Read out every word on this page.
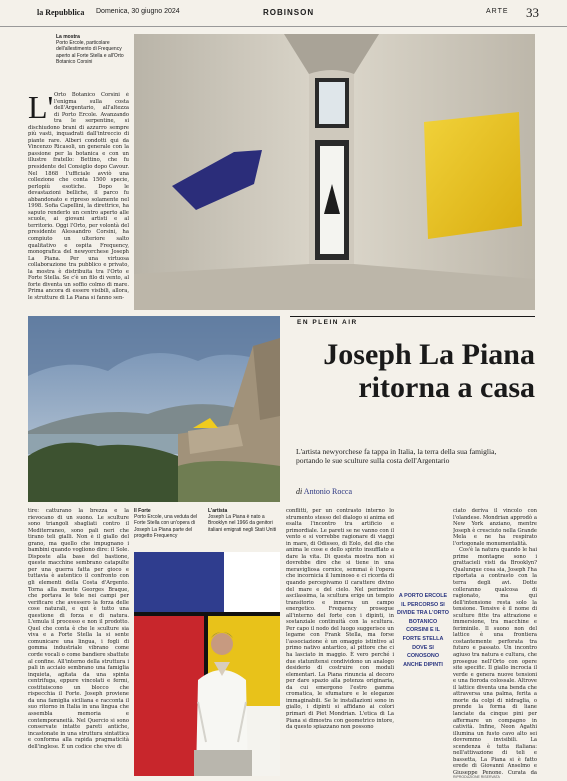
la Repubblica Domenica, 30 giugno 2024	ROBINSON	ARTE 33
La mostra
Porto Ercole, particolare dell'allestimento di Frequency aperto al Forte Stella e all'Orto Botanico Corsini
L' Orto Botanico Corsini è l'enigma sulla costa dell'Argentario, all'altezza di Porto Ercole. Avanzando tra le serpentine, si dischiudono brani di azzurro sempre più vasti, inquadrati dall'intreccio di piante rare. Alberi condotti qui da Vincenzo Ricasoli, un generale con la passione per la botanica e con un illustre fratello: Bettino, che fu presidente del Consiglio dopo Cavour. Nel 1868 l'ufficiale avviò una collezione che conta 1500 specie, perlopiù esotiche. Dopo le devastazioni belliche, il parco fu abbandonato e ripreso solamente nel 1998. Sofia Capellini, la direttrice, ha saputo renderlo un centro aperto alle scuole, ai giovani artisti e al territorio. Oggi l'Orto, per volontà del presidente Alessandro Corsini, ha compiuto un ulteriore salto qualitativo e ospita Frequency, monografica del newyorchese Joseph La Piana. Per una virtuosa collaborazione tra pubblico e privato, la mostra è distribuita tra l'Orto e Forte Stella. Se c'è un filo di vento, al forte diventa un soffio colmo di mare. Prima ancora di essere visibili, allora, le strutture di La Piana si fanno sen-

EN PLEIN AIR
Joseph La Piana ritorna a casa
L'artista newyorchese fa tappa in Italia, la terra della sua famiglia, portando le sue sculture sulla costa dell'Argentario
di Antonio Rocca

tire: catturano la brezza e la rievocano di un suono. Le sculture sono triangoli sbagliati contro il Mediterraneo, sono pali neri che tirano teli gialli. Non è il giallo del grano, ma quello che impugnano i bambini quando vogliono dire: il Sole. Disposte alla base del bastione, queste macchine sembrano catapulte per una guerra fatta per gioco e tuttavia è autentico il confronto con gli elementi della Costa d'Argento. Torna alla mente Georges Braque, che portava le tele nei campi per verificare che avessero la forza delle cose naturali, e qui è tutto una questione di forza e di natura. L'emula il processo e non il prodotto. Quel che conta è che le sculture sia viva e a Forte Stella la si sente comunicare una lingua, i fogli di gomma industriale vibrano come corde vocali o come bandiere sbattute al confine. All'interno della struttura i pali in acciaio sembrano una famiglia inquieta, agitata da una spinta centrifuga, eppure vincolati e fermi, costituiscono un blocco che rispecchia il Forte. Joseph proviene da una famiglia siciliana e racconta il suo ritorno in Italia in una lingua che assembla memoria e contemporaneità. Nel Quercio si sono conservate intatte pareti antiche, incastonate in una struttura sintattica e conforma alla rapida pragmaticità dell'inglese. È un codice che vive di

Il Forte
Porto Ercole, una veduta del Forte Stella con un'opera di Joseph La Piana parte del progetto Frequency
L'artista
Joseph La Piana è nato a Brooklyn nel 1966 da genitori italiani emigrati negli Stati Uniti

conflitti, per un contrasto interno lo strumento stesso del dialogo si anima ed esalta l'incontro tra artificio e primordiale. Le pareti se ne vanno con il vento e si vorrebbe ragionare di viaggi in mare, di Odisseo, di Eolo, del dio che anima le cose e dello spirito insufflato a dare la vita. Di questa mostra non si dovrebbe dire che si tiene in una meravigliosa cornice, semmai è l'opera che incornicia il luminoso e ci ricorda di quando percepivamo il carattere divino del mare e del cielo. Nel perimetro ascilassima, la scultura erige un tempio transitorio e innerva un campo energetico. Frequency prosegue all'interno del forte con i dipinti, in sostanziale continuità con la scultura. Per capo il nodo del luogo suggerisce un legame con Frank Stella, ma forse l'associazione è un omaggio istintivo al primo nativo antartico, al pittore che ci ha lasciato in maggio. È vero perché i due statunitensi condividono un analogo desiderio di costruire con moduli elementari. La Piana rinuncia al decoro per dare spazio alla potenza originaria, da cui emergono l'estro gamma cromatica, le sfumature e le eleganze immaginabili. Se le installazioni sono in giallo, i dipinti si affidano ai colori primari di Piet Mondrian. L'etica di La Piana si dimostra con geometrico intore, da questo spiazzano non possono

A PORTO ERCOLE IL PERCORSO SI DIVIDE TRA L'ORTO BOTANICO CORSINI E IL FORTE STELLA DOVE SI CONOSONO ANCHE DIPINTI

ciato deriva il vincolo con l'olandese. Mondrian approdò a New York anziano, mentre Joseph è cresciuto nella Grande Mela e ne ha respirato l'ortogonale monumentalità.

Cos'è la natura quando le hai prime montagne sono i grattacieli visti da Brooklyn? Qualunque cosa sia, Joseph l'ha riportata a contrasto con la terra degli avi. Dotte colleranno qualcosa di ragionato, ma qui dell'intensione resta solo la tensione. Tensive è il nome di sculture fitte tra attrazione e immersione, tra macchine e feriminile. Il suono non del lattice è una frontiera costantemente perforata tra futuro e passato. Un incontro agiuso tra natura e cultura, che prosegue nell'Orto con opere site specific. Il giallo incrocia il verde e genera nuove tensioni e una fioroda colossale. Altrove il lattice diventa una benda che attraversa una palma, ferita a morte da colpi di nidraglia, o prende la forma di liane lanciate da cinque pini per affermare un compagno in catività. Infine, Neon Agathi illumina un fusto cavo alto sei dovremmo invisibili. La scendenza è tutta italiana: nell'attivazione di teli e bassetta, La Piana si è fatto erede di Giovanni Anselmo e Giuseppe Penone. Curata da

RIPRODUZIONE RISERVATA
